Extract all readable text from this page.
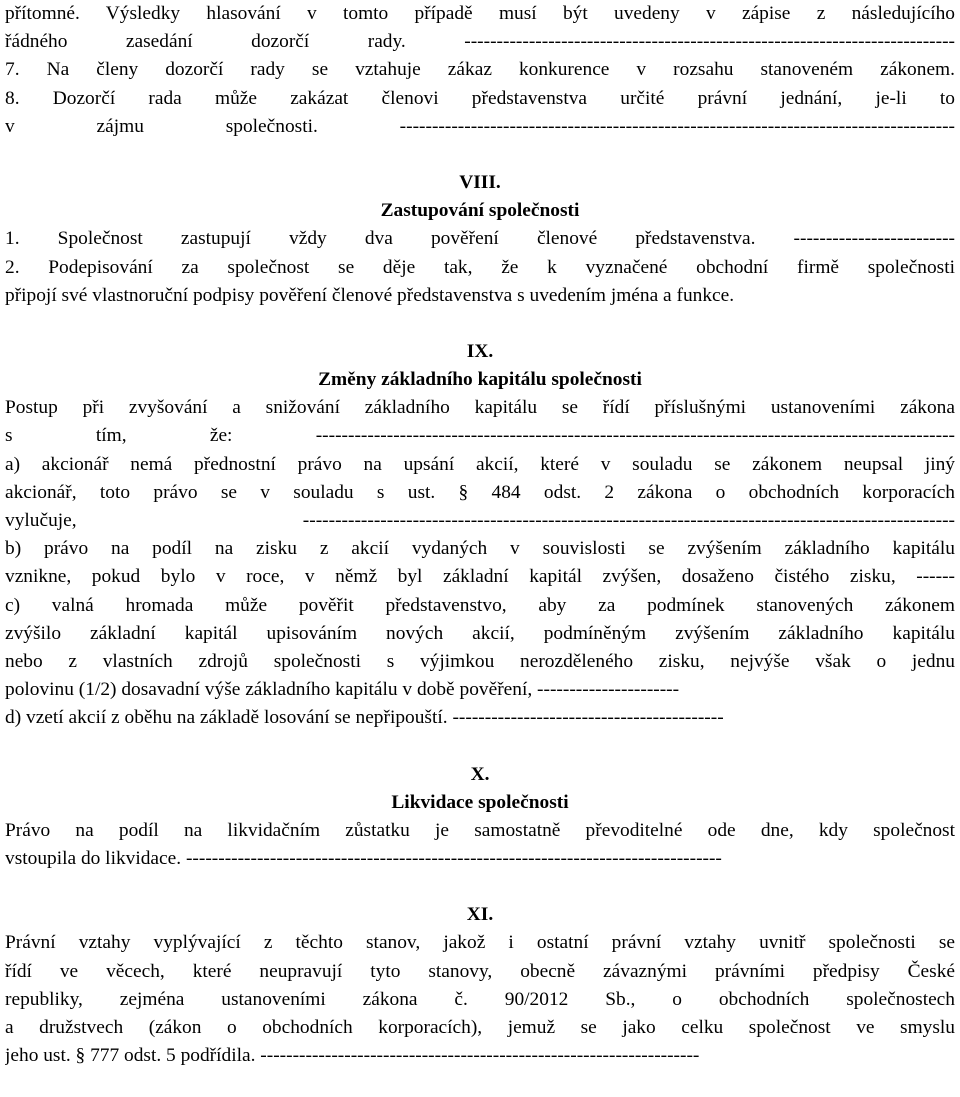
přítomné. Výsledky hlasování v tomto případě musí být uvedeny v zápise z následujícího
řádného zasedání dozorčí rady. ----------------------------------------------------------------------------
7. Na členy dozorčí rady se vztahuje zákaz konkurence v rozsahu stanoveném zákonem.
8. Dozorčí rada může zakázat členovi představenstva určité právní jednání, je-li to
v zájmu společnosti. --------------------------------------------------------------------------------------
VIII.
Zastupování společnosti
1. Společnost zastupují vždy dva pověření členové představenstva. -------------------------
2. Podepisování za společnost se děje tak, že k vyznačené obchodní firmě společnosti
připojí své vlastnoruční podpisy pověření členové představenstva s uvedením jména a funkce.
IX.
Změny základního kapitálu společnosti
Postup při zvyšování a snižování základního kapitálu se řídí příslušnými ustanoveními zákona
s tím, že: ---------------------------------------------------------------------------------------------------
a) akcionář nemá přednostní právo na upsání akcií, které v souladu se zákonem neupsal jiný
akcionář, toto právo se v souladu s ust. § 484 odst. 2 zákona o obchodních korporacích
vylučuje, -----------------------------------------------------------------------------------------------------
b) právo na podíl na zisku z akcií vydaných v souvislosti se zvýšením základního kapitálu
vznikne, pokud bylo v roce, v němž byl základní kapitál zvýšen, dosaženo čistého zisku, ------
c) valná hromada může pověřit představenstvo, aby za podmínek stanovených zákonem
zvýšilo základní kapitál upisováním nových akcií, podmíněným zvýšením základního kapitálu
nebo z vlastních zdrojů společnosti s výjimkou nerozděleného zisku, nejvýše však o jednu
polovinu (1/2) dosavadní výše základního kapitálu v době pověření, ----------------------
d) vzetí akcií z oběhu na základě losování se nepřipouští. ------------------------------------------
X.
Likvidace společnosti
Právo na podíl na likvidačním zůstatku je samostatně převoditelné ode dne, kdy společnost
vstoupila do likvidace. -----------------------------------------------------------------------------------
XI.
Právní vztahy vyplývající z těchto stanov, jakož i ostatní právní vztahy uvnitř společnosti se
řídí ve věcech, které neupravují tyto stanovy, obecně závaznými právními předpisy České
republiky, zejména ustanoveními zákona č. 90/2012 Sb., o obchodních společnostech
a družstvech (zákon o obchodních korporacích), jemuž se jako celku společnost ve smyslu
jeho ust. § 777 odst. 5 podřídila. --------------------------------------------------------------------
